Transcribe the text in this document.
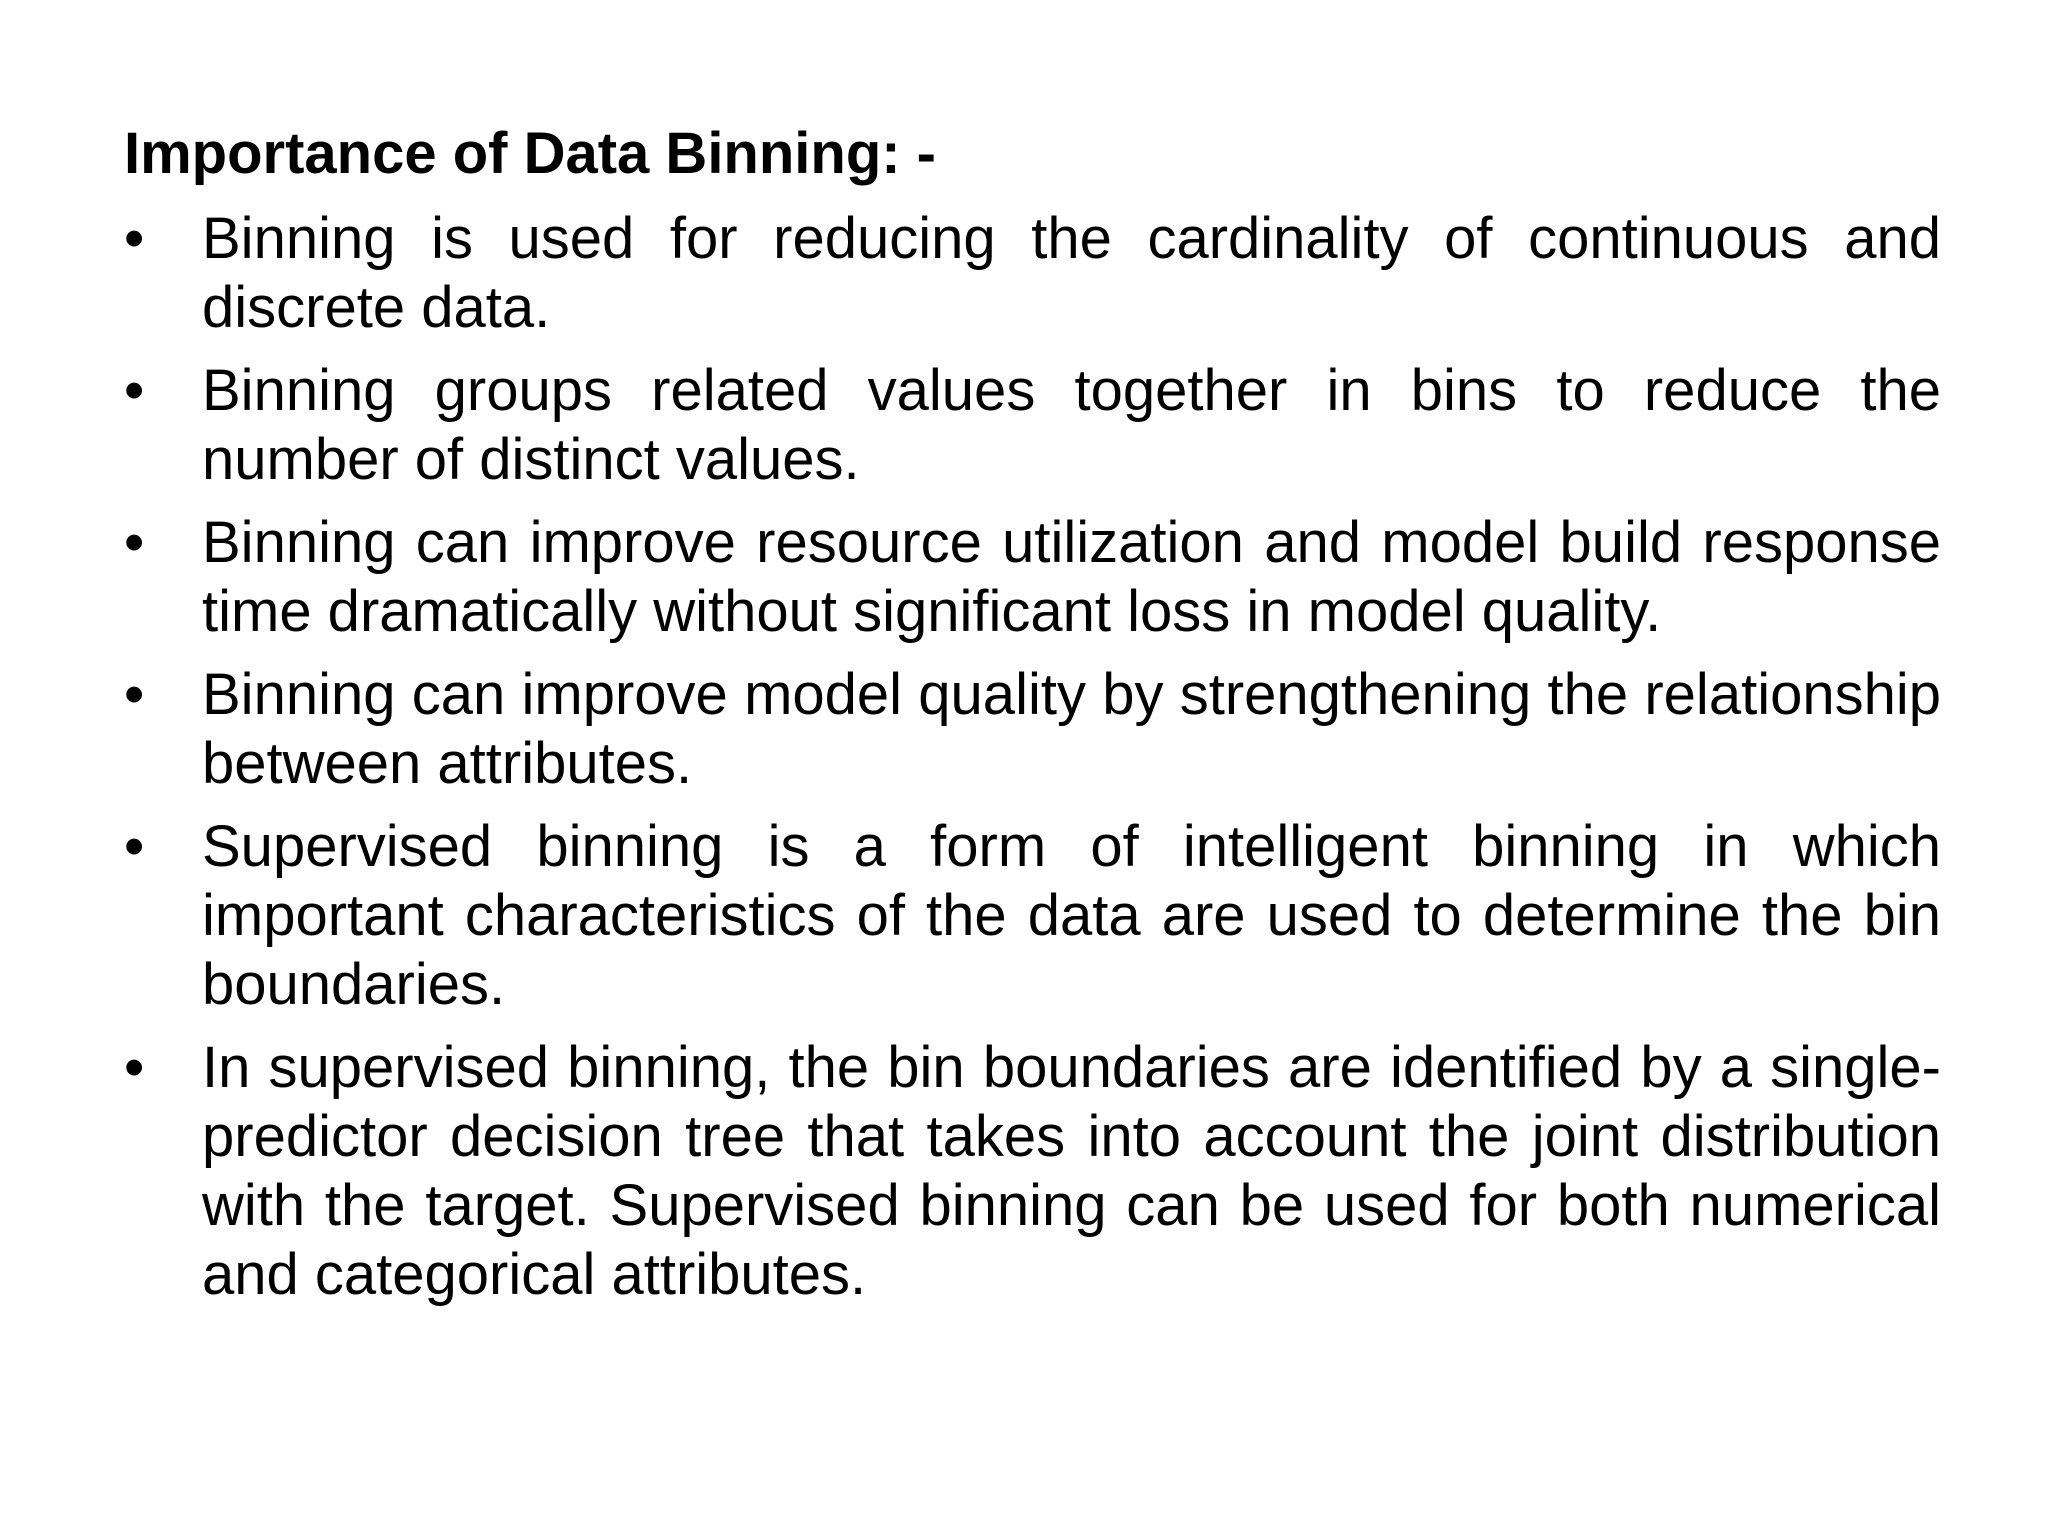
Importance of Data Binning: -
• Binning is used for reducing the cardinality of continuous and discrete data.
• Binning groups related values together in bins to reduce the number of distinct values.
• Binning can improve resource utilization and model build response time dramatically without significant loss in model quality.
• Binning can improve model quality by strengthening the relationship between attributes.
• Supervised binning is a form of intelligent binning in which important characteristics of the data are used to determine the bin boundaries.
• In supervised binning, the bin boundaries are identified by a single-predictor decision tree that takes into account the joint distribution with the target. Supervised binning can be used for both numerical and categorical attributes.
